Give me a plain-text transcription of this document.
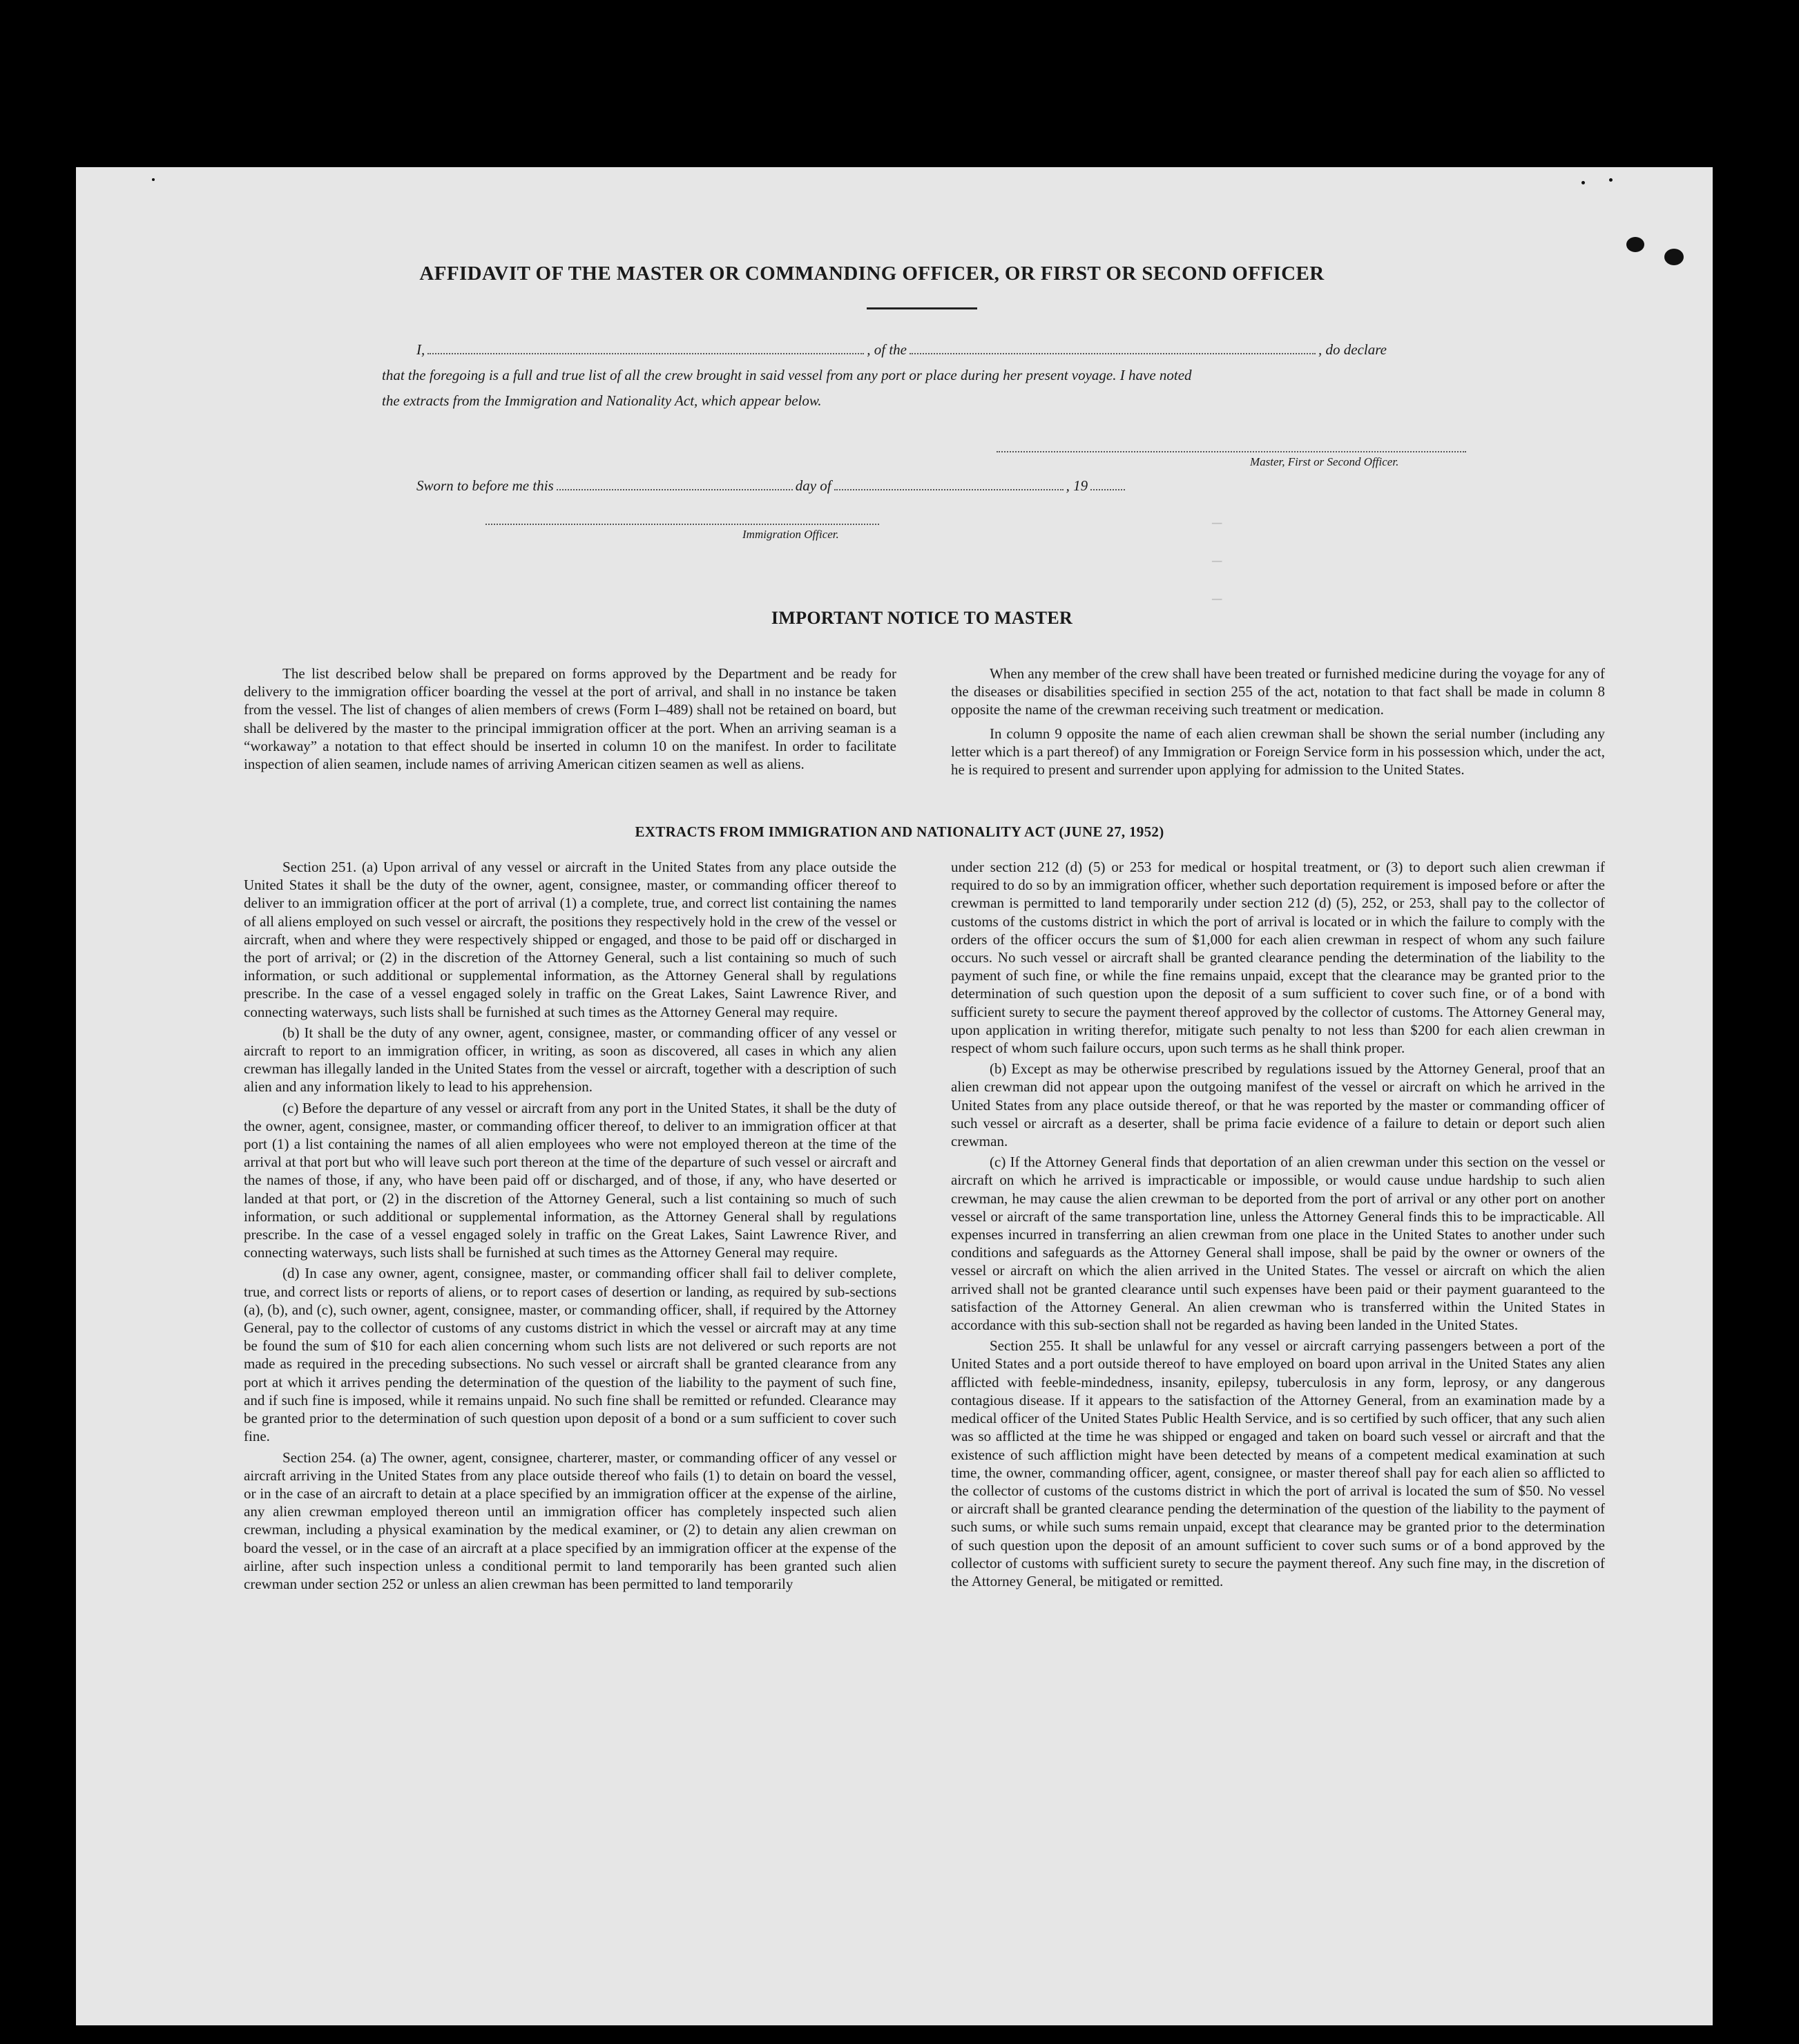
AFFIDAVIT OF THE MASTER OR COMMANDING OFFICER, OR FIRST OR SECOND OFFICER
I,	, of the	, do declare
that the foregoing is a full and true list of all the crew brought in said vessel from any port or place during her present voyage. I have noted
the extracts from the Immigration and Nationality Act, which appear below.
Master, First or Second Officer.
Sworn to before me this	day of	, 19
Immigration Officer.
—
—
—
IMPORTANT NOTICE TO MASTER

The list described below shall be prepared on forms approved by the Department and be ready for delivery to the immigration officer boarding the vessel at the port of arrival, and shall in no instance be taken from the vessel. The list of changes of alien members of crews (Form I–489) shall not be retained on board, but shall be delivered by the master to the principal immigration officer at the port. When an arriving seaman is a “workaway” a notation to that effect should be inserted in column 10 on the manifest. In order to facilitate inspection of alien seamen, include names of arriving American citizen seamen as well as aliens.

When any member of the crew shall have been treated or furnished medicine during the voyage for any of the diseases or disabilities specified in section 255 of the act, notation to that fact shall be made in column 8 opposite the name of the crewman receiving such treatment or medication.

In column 9 opposite the name of each alien crewman shall be shown the serial number (including any letter which is a part thereof) of any Immigration or Foreign Service form in his possession which, under the act, he is required to present and surrender upon applying for admission to the United States.

EXTRACTS FROM IMMIGRATION AND NATIONALITY ACT (JUNE 27, 1952)

Section 251. (a) Upon arrival of any vessel or aircraft in the United States from any place outside the United States it shall be the duty of the owner, agent, consignee, master, or commanding officer thereof to deliver to an immigration officer at the port of arrival (1) a complete, true, and correct list containing the names of all aliens employed on such vessel or aircraft, the positions they respectively hold in the crew of the vessel or aircraft, when and where they were respectively shipped or engaged, and those to be paid off or discharged in the port of arrival; or (2) in the discretion of the Attorney General, such a list containing so much of such information, or such additional or supplemental information, as the Attorney General shall by regulations prescribe. In the case of a vessel engaged solely in traffic on the Great Lakes, Saint Lawrence River, and connecting waterways, such lists shall be furnished at such times as the Attorney General may require.

(b) It shall be the duty of any owner, agent, consignee, master, or commanding officer of any vessel or aircraft to report to an immigration officer, in writing, as soon as discovered, all cases in which any alien crewman has illegally landed in the United States from the vessel or aircraft, together with a description of such alien and any information likely to lead to his apprehension.

(c) Before the departure of any vessel or aircraft from any port in the United States, it shall be the duty of the owner, agent, consignee, master, or commanding officer thereof, to deliver to an immigration officer at that port (1) a list containing the names of all alien employees who were not employed thereon at the time of the arrival at that port but who will leave such port thereon at the time of the departure of such vessel or aircraft and the names of those, if any, who have been paid off or discharged, and of those, if any, who have deserted or landed at that port, or (2) in the discretion of the Attorney General, such a list containing so much of such information, or such additional or supplemental information, as the Attorney General shall by regulations prescribe. In the case of a vessel engaged solely in traffic on the Great Lakes, Saint Lawrence River, and connecting waterways, such lists shall be furnished at such times as the Attorney General may require.

(d) In case any owner, agent, consignee, master, or commanding officer shall fail to deliver complete, true, and correct lists or reports of aliens, or to report cases of desertion or landing, as required by sub-sections (a), (b), and (c), such owner, agent, consignee, master, or commanding officer, shall, if required by the Attorney General, pay to the collector of customs of any customs district in which the vessel or aircraft may at any time be found the sum of $10 for each alien concerning whom such lists are not delivered or such reports are not made as required in the preceding subsections. No such vessel or aircraft shall be granted clearance from any port at which it arrives pending the determination of the question of the liability to the payment of such fine, and if such fine is imposed, while it remains unpaid. No such fine shall be remitted or refunded. Clearance may be granted prior to the determination of such question upon deposit of a bond or a sum sufficient to cover such fine.

Section 254. (a) The owner, agent, consignee, charterer, master, or commanding officer of any vessel or aircraft arriving in the United States from any place outside thereof who fails (1) to detain on board the vessel, or in the case of an aircraft to detain at a place specified by an immigration officer at the expense of the airline, any alien crewman employed thereon until an immigration officer has completely inspected such alien crewman, including a physical examination by the medical examiner, or (2) to detain any alien crewman on board the vessel, or in the case of an aircraft at a place specified by an immigration officer at the expense of the airline, after such inspection unless a conditional permit to land temporarily has been granted such alien crewman under section 252 or unless an alien crewman has been permitted to land temporarily

under section 212 (d) (5) or 253 for medical or hospital treatment, or (3) to deport such alien crewman if required to do so by an immigration officer, whether such deportation requirement is imposed before or after the crewman is permitted to land temporarily under section 212 (d) (5), 252, or 253, shall pay to the collector of customs of the customs district in which the port of arrival is located or in which the failure to comply with the orders of the officer occurs the sum of $1,000 for each alien crewman in respect of whom any such failure occurs. No such vessel or aircraft shall be granted clearance pending the determination of the liability to the payment of such fine, or while the fine remains unpaid, except that the clearance may be granted prior to the determination of such question upon the deposit of a sum sufficient to cover such fine, or of a bond with sufficient surety to secure the payment thereof approved by the collector of customs. The Attorney General may, upon application in writing therefor, mitigate such penalty to not less than $200 for each alien crewman in respect of whom such failure occurs, upon such terms as he shall think proper.

(b) Except as may be otherwise prescribed by regulations issued by the Attorney General, proof that an alien crewman did not appear upon the outgoing manifest of the vessel or aircraft on which he arrived in the United States from any place outside thereof, or that he was reported by the master or commanding officer of such vessel or aircraft as a deserter, shall be prima facie evidence of a failure to detain or deport such alien crewman.

(c) If the Attorney General finds that deportation of an alien crewman under this section on the vessel or aircraft on which he arrived is impracticable or impossible, or would cause undue hardship to such alien crewman, he may cause the alien crewman to be deported from the port of arrival or any other port on another vessel or aircraft of the same transportation line, unless the Attorney General finds this to be impracticable. All expenses incurred in transferring an alien crewman from one place in the United States to another under such conditions and safeguards as the Attorney General shall impose, shall be paid by the owner or owners of the vessel or aircraft on which the alien arrived in the United States. The vessel or aircraft on which the alien arrived shall not be granted clearance until such expenses have been paid or their payment guaranteed to the satisfaction of the Attorney General. An alien crewman who is transferred within the United States in accordance with this sub-section shall not be regarded as having been landed in the United States.

Section 255. It shall be unlawful for any vessel or aircraft carrying passengers between a port of the United States and a port outside thereof to have employed on board upon arrival in the United States any alien afflicted with feeble-mindedness, insanity, epilepsy, tuberculosis in any form, leprosy, or any dangerous contagious disease. If it appears to the satisfaction of the Attorney General, from an examination made by a medical officer of the United States Public Health Service, and is so certified by such officer, that any such alien was so afflicted at the time he was shipped or engaged and taken on board such vessel or aircraft and that the existence of such affliction might have been detected by means of a competent medical examination at such time, the owner, commanding officer, agent, consignee, or master thereof shall pay for each alien so afflicted to the collector of customs of the customs district in which the port of arrival is located the sum of $50. No vessel or aircraft shall be granted clearance pending the determination of the question of the liability to the payment of such sums, or while such sums remain unpaid, except that clearance may be granted prior to the determination of such question upon the deposit of an amount sufficient to cover such sums or of a bond approved by the collector of customs with sufficient surety to secure the payment thereof. Any such fine may, in the discretion of the Attorney General, be mitigated or remitted.
